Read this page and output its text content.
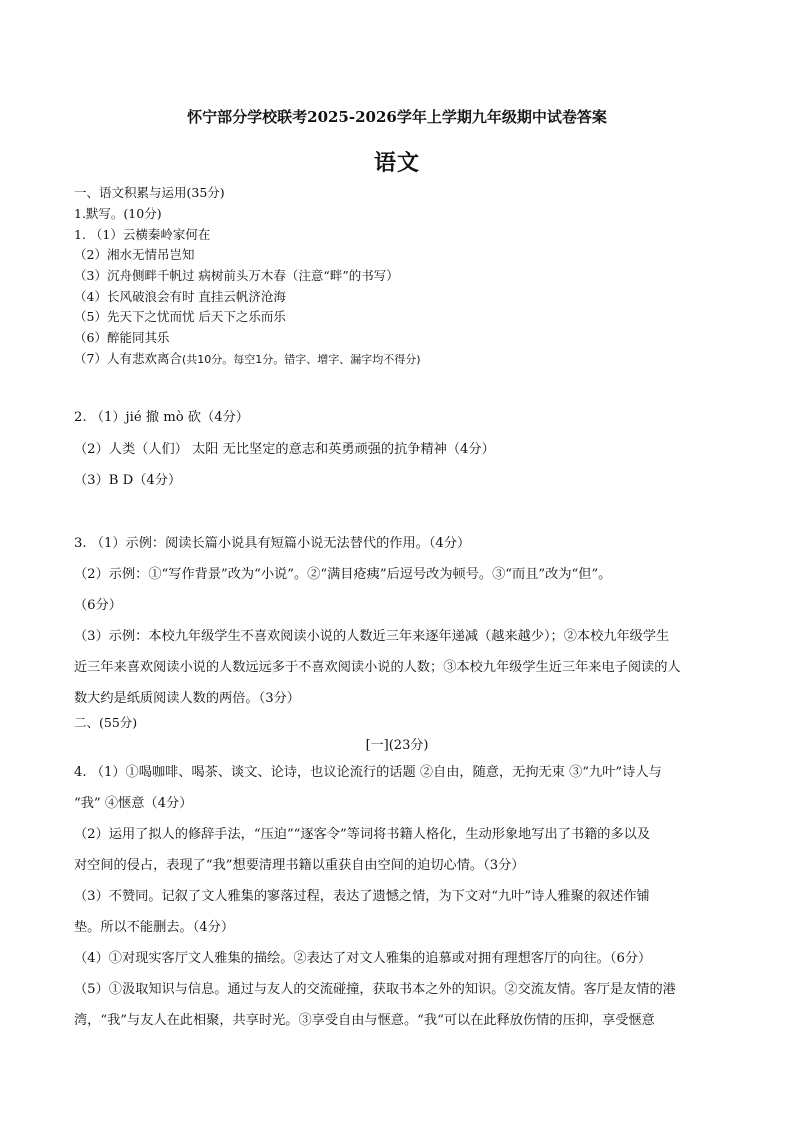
怀宁部分学校联考2025-2026学年上学期九年级期中试卷答案
语文
一、语文积累与运用(35分)
1.默写。(10分)
1. （1）云横秦岭家何在
（2）湘水无情吊岂知
（3）沉舟侧畔千帆过 病树前头万木春（注意“畔”的书写）
（4）长风破浪会有时 直挂云帆济沧海
（5）先天下之忧而忧 后天下之乐而乐
（6）醉能同其乐
（7）人有悲欢离合(共10分。每空1分。错字、增字、漏字均不得分)
2. （1）jié 撤 mò 砍（4分）
（2）人类（人们） 太阳 无比坚定的意志和英勇顽强的抗争精神（4分）
（3）B D（4分）
3. （1）示例：阅读长篇小说具有短篇小说无法替代的作用。（4分）
（2）示例：①“写作背景”改为“小说”。②“满目疮痍”后逗号改为顿号。③“而且”改为“但”。
（6分）
（3）示例：本校九年级学生不喜欢阅读小说的人数近三年来逐年递减（越来越少）；②本校九年级学生
近三年来喜欢阅读小说的人数远远多于不喜欢阅读小说的人数；③本校九年级学生近三年来电子阅读的人
数大约是纸质阅读人数的两倍。（3分）
二、(55分)
[一](23分)
4. （1）①喝咖啡、喝茶、谈文、论诗，也议论流行的话题 ②自由，随意，无拘无束 ③“九叶”诗人与
“我” ④惬意（4分）
（2）运用了拟人的修辞手法，“压迫”“逐客令”等词将书籍人格化，生动形象地写出了书籍的多以及
对空间的侵占，表现了“我”想要清理书籍以重获自由空间的迫切心情。（3分）
（3）不赞同。记叙了文人雅集的寥落过程，表达了遗憾之情，为下文对“九叶”诗人雅聚的叙述作铺
垫。所以不能删去。（4分）
（4）①对现实客厅文人雅集的描绘。②表达了对文人雅集的追慕或对拥有理想客厅的向往。（6分）
（5）①汲取知识与信息。通过与友人的交流碰撞，获取书本之外的知识。②交流友情。客厅是友情的港
湾，“我”与友人在此相聚，共享时光。③享受自由与惬意。“我“可以在此释放伤情的压抑，享受惬意
